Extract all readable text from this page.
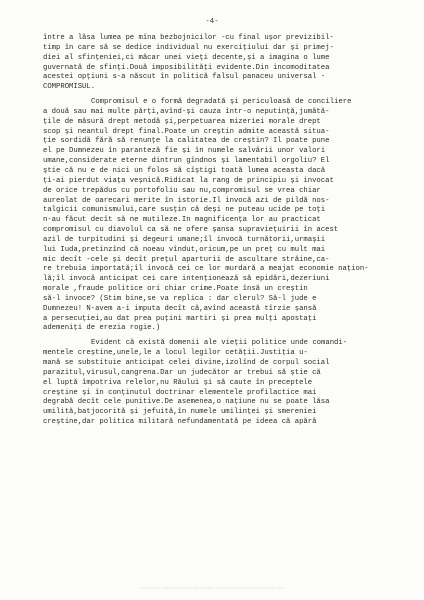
-4-
între a lăsa lumea pe mîna bezbojnicilor -cu final ușor previzibil-
timp în care să se dedice individual nu exercițiului dar și primej-
diei al sfințeniei,ci măcar unei vieți decente,și a imagina o lume
guvernată de sfinți.Două imposibilități evidente.Din incomoditatea
acestei opțiuni s-a născut în politică falsul panaceu universal -
COMPROMISUL.
Compromisul e o formă degradată și periculoasă de conciliere
a două sau mai multe părți,avînd-și cauza într-o neputință,jumătă-
țile de măsură drept metodă și,perpetuarea mizeriei morale drept
scop și neantul drept final.Poate un creștin admite această situa-
ție sordidă fără să renunțe la calitatea de creștin? Il poate pune
el pe Dumnezeu în paranteză fie și în numele salvării unor valori
umane,considerate eterne dintrun gîndnos și lamentabil orgoliu? El
știe că nu e de nici un folos să cîștigi toată lumea aceasta dacă
ți-ai pierdut viața veșnică.Ridicat la rang de principiu și invocat
de orice trepădus cu portofoliu sau nu,compromisul se vrea chiar
aureolat de oarecari merite în istorie.Il invocă azi de pildă nos-
talgicii comunismului,care susțin că deși ne puteau ucide pe toți
n-au făcut decît să ne mutileze.In magnificența lor au practicat
compromisul cu diavolul ca să ne ofere șansa supraviețuirii în acest
azil de turpitudini și degeuri umane;îl invocă turnătorii,urmașii
lui Iuda,pretinzînd că noeau vîndut,oricum,pe un preț cu mult mai
mic decît -cele și decît prețul aparturii de ascultare străine,ca-
re trebuia importată;îl invocă cei ce lor murdară a meajat economie națion-
lă;îl invocă anticipat cei care intenționează să epidări,dezeriuni
morale ,fraude politice ori chiar crime.Poate însă un creștin
să-l invoce? (Stim bine,se va replica : dar clerul? Să-l jude e
Dumnezeu! N-avem a-i imputa decît că,avînd această tîrzie șansă
a persecuției,au dat prea puțini martiri și prea mulți apostați
ademeniți de erezia rogie.)
Evident că există domenii ale vieții politice unde comandi-
mentele creștine,unele,le a locul legilor cetății.Justiția u-
mană se substituie anticipat celei divine,izolînd de corpul social
parazitul,virusul,cangrena.Dar un judecător ar trebui să știe că
el luptă împotriva relelor,nu Răului și să caute în preceptele
creștine și în conținutul doctrinar elementele profilactice mai
degrabă decît cele punitive.De asemenea,o națiune nu se poate lăsa
umilită,batjocorită și jefuită,în numele umilinței și smereniei
creștine,dar politica militară nefundamentată pe ideea că apără
Provided by The University of Washington for personal and educational use only
